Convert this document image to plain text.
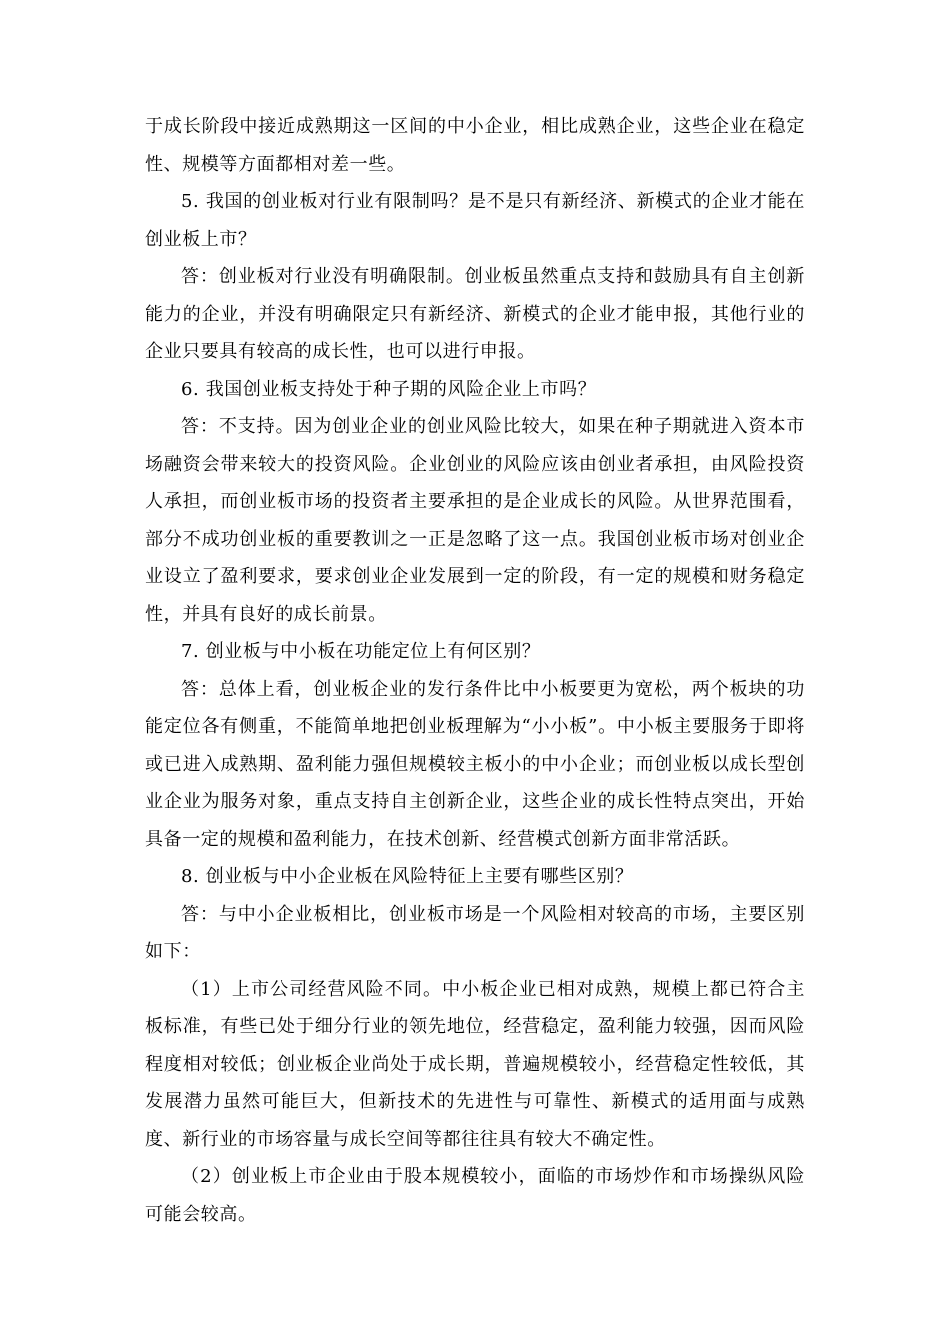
于成长阶段中接近成熟期这一区间的中小企业，相比成熟企业，这些企业在稳定性、规模等方面都相对差一些。

5. 我国的创业板对行业有限制吗？是不是只有新经济、新模式的企业才能在创业板上市？

答：创业板对行业没有明确限制。创业板虽然重点支持和鼓励具有自主创新能力的企业，并没有明确限定只有新经济、新模式的企业才能申报，其他行业的企业只要具有较高的成长性，也可以进行申报。

6. 我国创业板支持处于种子期的风险企业上市吗？

答：不支持。因为创业企业的创业风险比较大，如果在种子期就进入资本市场融资会带来较大的投资风险。企业创业的风险应该由创业者承担，由风险投资人承担，而创业板市场的投资者主要承担的是企业成长的风险。从世界范围看，部分不成功创业板的重要教训之一正是忽略了这一点。我国创业板市场对创业企业设立了盈利要求，要求创业企业发展到一定的阶段，有一定的规模和财务稳定性，并具有良好的成长前景。

7. 创业板与中小板在功能定位上有何区别？

答：总体上看，创业板企业的发行条件比中小板要更为宽松，两个板块的功能定位各有侧重，不能简单地把创业板理解为“小小板”。中小板主要服务于即将或已进入成熟期、盈利能力强但规模较主板小的中小企业；而创业板以成长型创业企业为服务对象，重点支持自主创新企业，这些企业的成长性特点突出，开始具备一定的规模和盈利能力，在技术创新、经营模式创新方面非常活跃。

8. 创业板与中小企业板在风险特征上主要有哪些区别？

答：与中小企业板相比，创业板市场是一个风险相对较高的市场，主要区别如下：

（1）上市公司经营风险不同。中小板企业已相对成熟，规模上都已符合主板标准，有些已处于细分行业的领先地位，经营稳定，盈利能力较强，因而风险程度相对较低；创业板企业尚处于成长期，普遍规模较小，经营稳定性较低，其发展潜力虽然可能巨大，但新技术的先进性与可靠性、新模式的适用面与成熟度、新行业的市场容量与成长空间等都往往具有较大不确定性。

（2）创业板上市企业由于股本规模较小，面临的市场炒作和市场操纵风险可能会较高。
